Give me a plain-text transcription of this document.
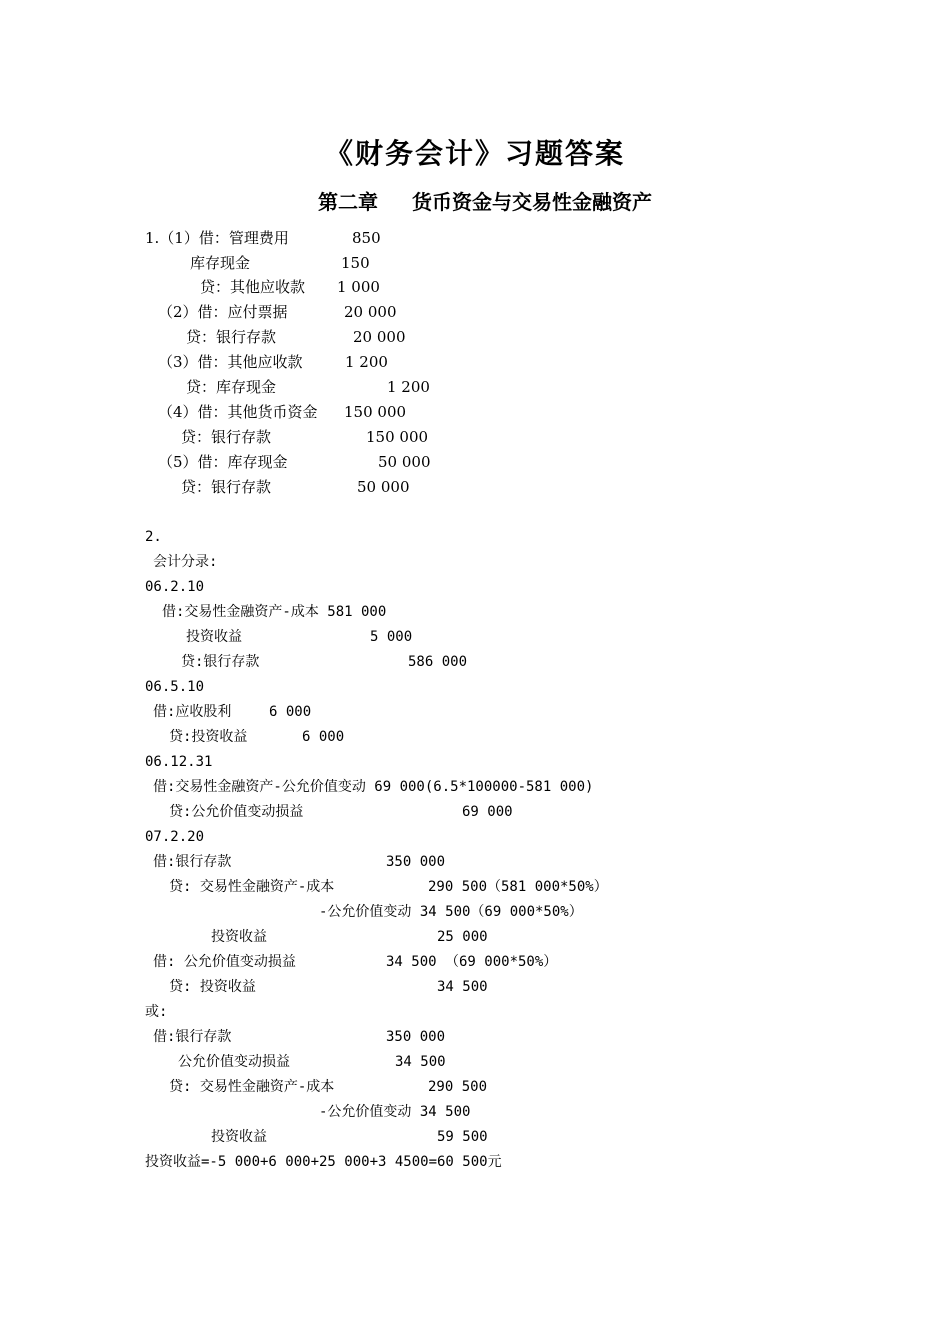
《财务会计》习题答案
第二章 货币资金与交易性金融资产
1.（1）借：管理费用	850
库存现金	150
贷：其他应收款 1 000
（2）借：应付票据	20 000
贷：银行存款	20 000
（3）借：其他应收款	1 200
贷：库存现金	1 200
（4）借：其他货币资金 150 000
贷：银行存款	150 000
（5）借：库存现金	50 000
贷：银行存款	50 000
2.
会计分录:
06.2.10
借:交易性金融资产-成本 581 000
投资收益	5 000
贷:银行存款	586 000
06.5.10
借:应收股利	6 000
贷:投资收益	6 000
06.12.31
借:交易性金融资产-公允价值变动 69 000(6.5*100000-581 000)
贷:公允价值变动损益	69 000
07.2.20
借:银行存款	350 000
贷: 交易性金融资产-成本	290 500（581 000*50%）
-公允价值变动 34 500（69 000*50%）
投资收益	25 000
借: 公允价值变动损益	34 500 （69 000*50%）
贷: 投资收益	34 500
或:
借:银行存款	350 000
公允价值变动损益	34 500
贷: 交易性金融资产-成本	290 500
-公允价值变动 34 500
投资收益	59 500
投资收益=-5 000+6 000+25 000+3 4500=60 500元
